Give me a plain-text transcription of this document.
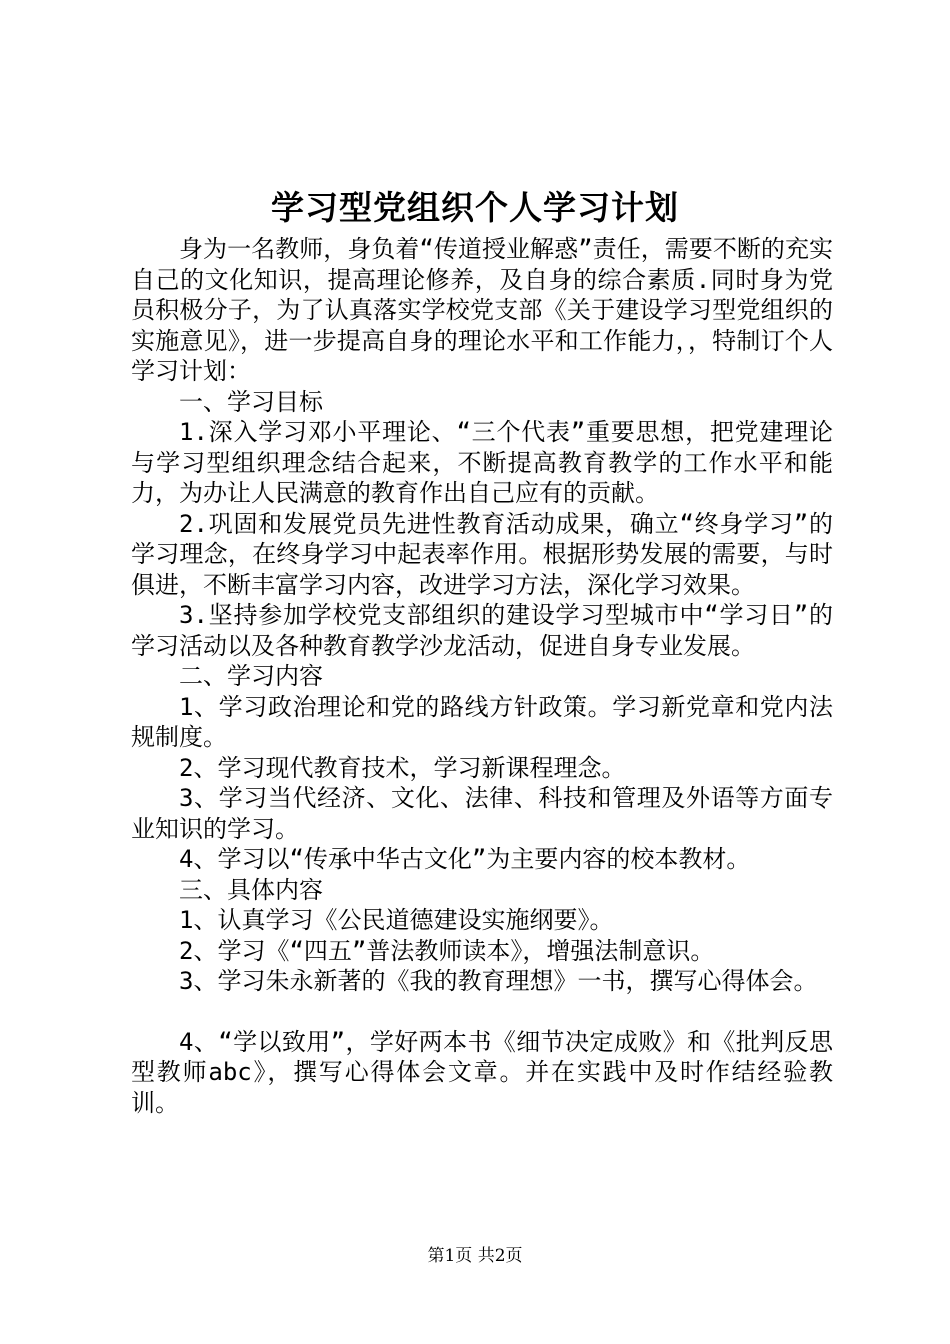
学习型党组织个人学习计划

身为一名教师，身负着“传道授业解惑”责任，需要不断的充实自己的文化知识，提高理论修养，及自身的综合素质.同时身为党员积极分子，为了认真落实学校党支部《关于建设学习型党组织的实施意见》，进一步提高自身的理论水平和工作能力，，特制订个人学习计划：

一、学习目标

1.深入学习邓小平理论、“三个代表”重要思想，把党建理论与学习型组织理念结合起来，不断提高教育教学的工作水平和能力，为办让人民满意的教育作出自己应有的贡献。

2.巩固和发展党员先进性教育活动成果，确立“终身学习”的学习理念，在终身学习中起表率作用。根据形势发展的需要，与时俱进，不断丰富学习内容，改进学习方法，深化学习效果。

3.坚持参加学校党支部组织的建设学习型城市中“学习日”的学习活动以及各种教育教学沙龙活动，促进自身专业发展。

二、学习内容

1、学习政治理论和党的路线方针政策。学习新党章和党内法规制度。

2、学习现代教育技术，学习新课程理念。

3、学习当代经济、文化、法律、科技和管理及外语等方面专业知识的学习。

4、学习以“传承中华古文化”为主要内容的校本教材。

三、具体内容

1、认真学习《公民道德建设实施纲要》。

2、学习《“四五”普法教师读本》，增强法制意识。

3、学习朱永新著的《我的教育理想》一书，撰写心得体会。

4、“学以致用”，学好两本书《细节决定成败》和《批判反思型教师abc》，撰写心得体会文章。并在实践中及时作结经验教训。

第1页 共2页
